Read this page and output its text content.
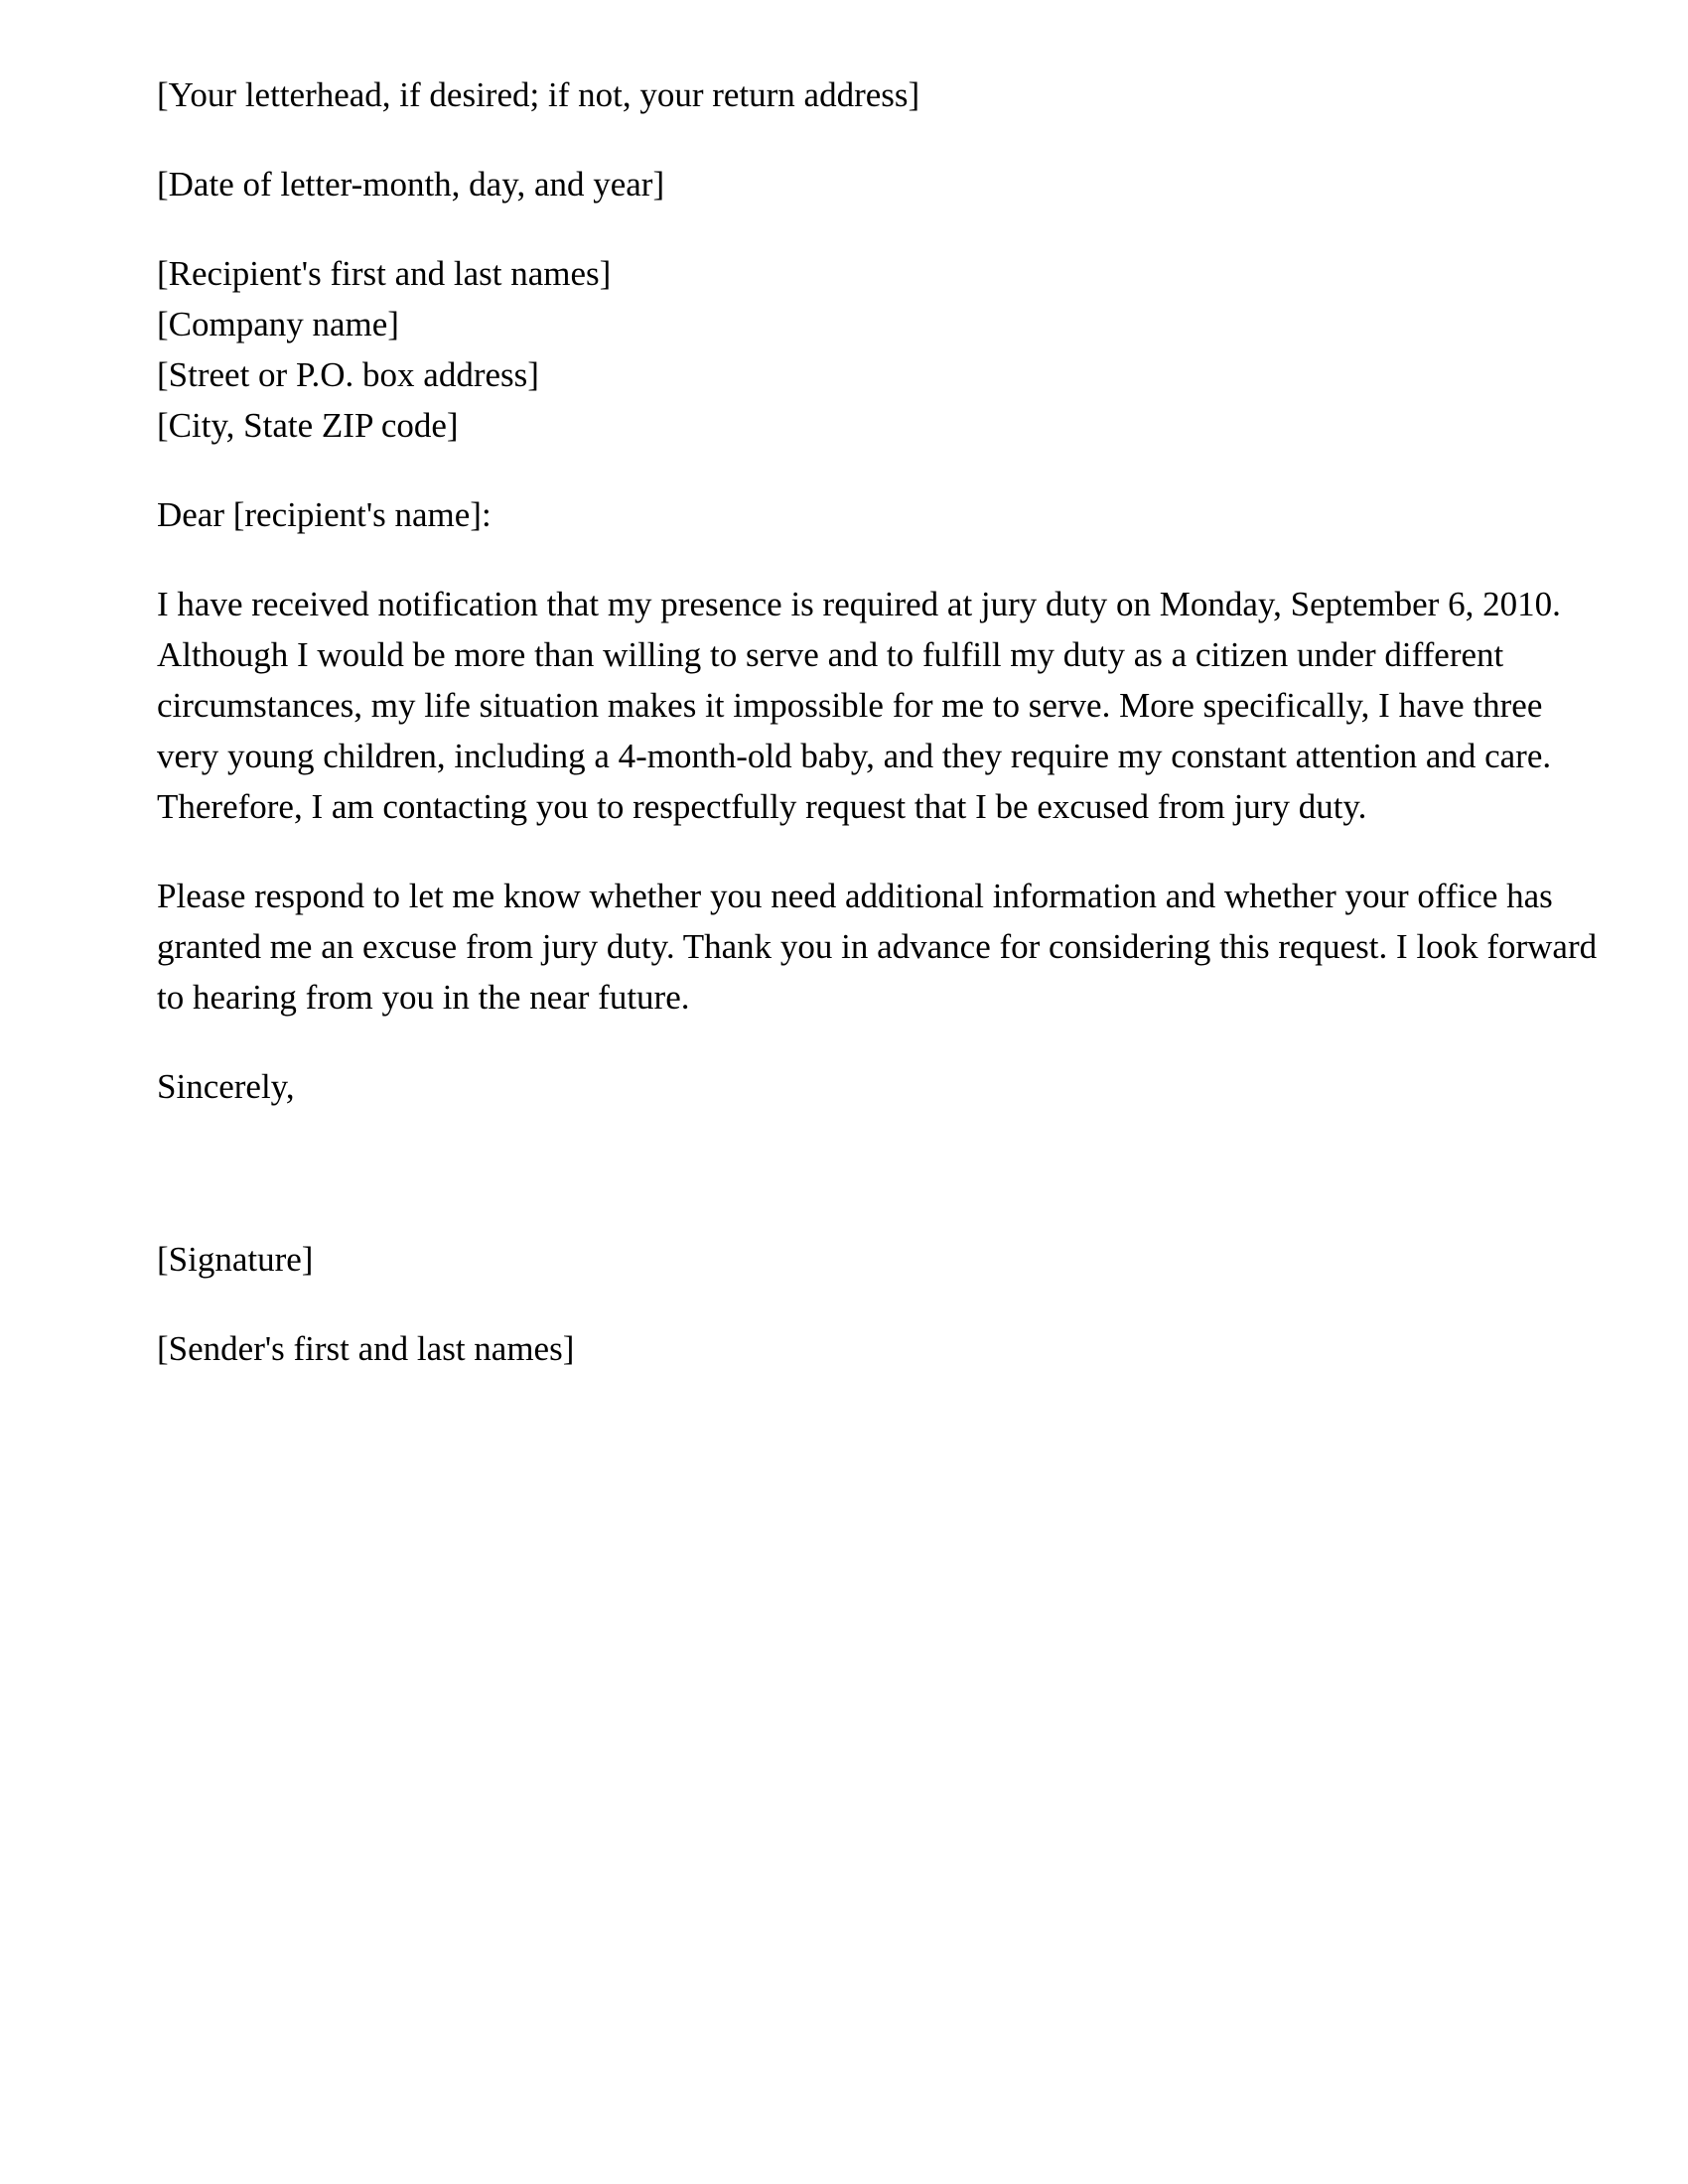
[Your letterhead, if desired; if not, your return address]

[Date of letter-month, day, and year]

[Recipient's first and last names]
[Company name]
[Street or P.O. box address]
[City, State ZIP code]

Dear [recipient's name]:

I have received notification that my presence is required at jury duty on Monday, September 6, 2010. Although I would be more than willing to serve and to fulfill my duty as a citizen under different circumstances, my life situation makes it impossible for me to serve. More specifically, I have three very young children, including a 4-month-old baby, and they require my constant attention and care. Therefore, I am contacting you to respectfully request that I be excused from jury duty.

Please respond to let me know whether you need additional information and whether your office has granted me an excuse from jury duty. Thank you in advance for considering this request. I look forward to hearing from you in the near future.

Sincerely,

[Signature]

[Sender's first and last names]
